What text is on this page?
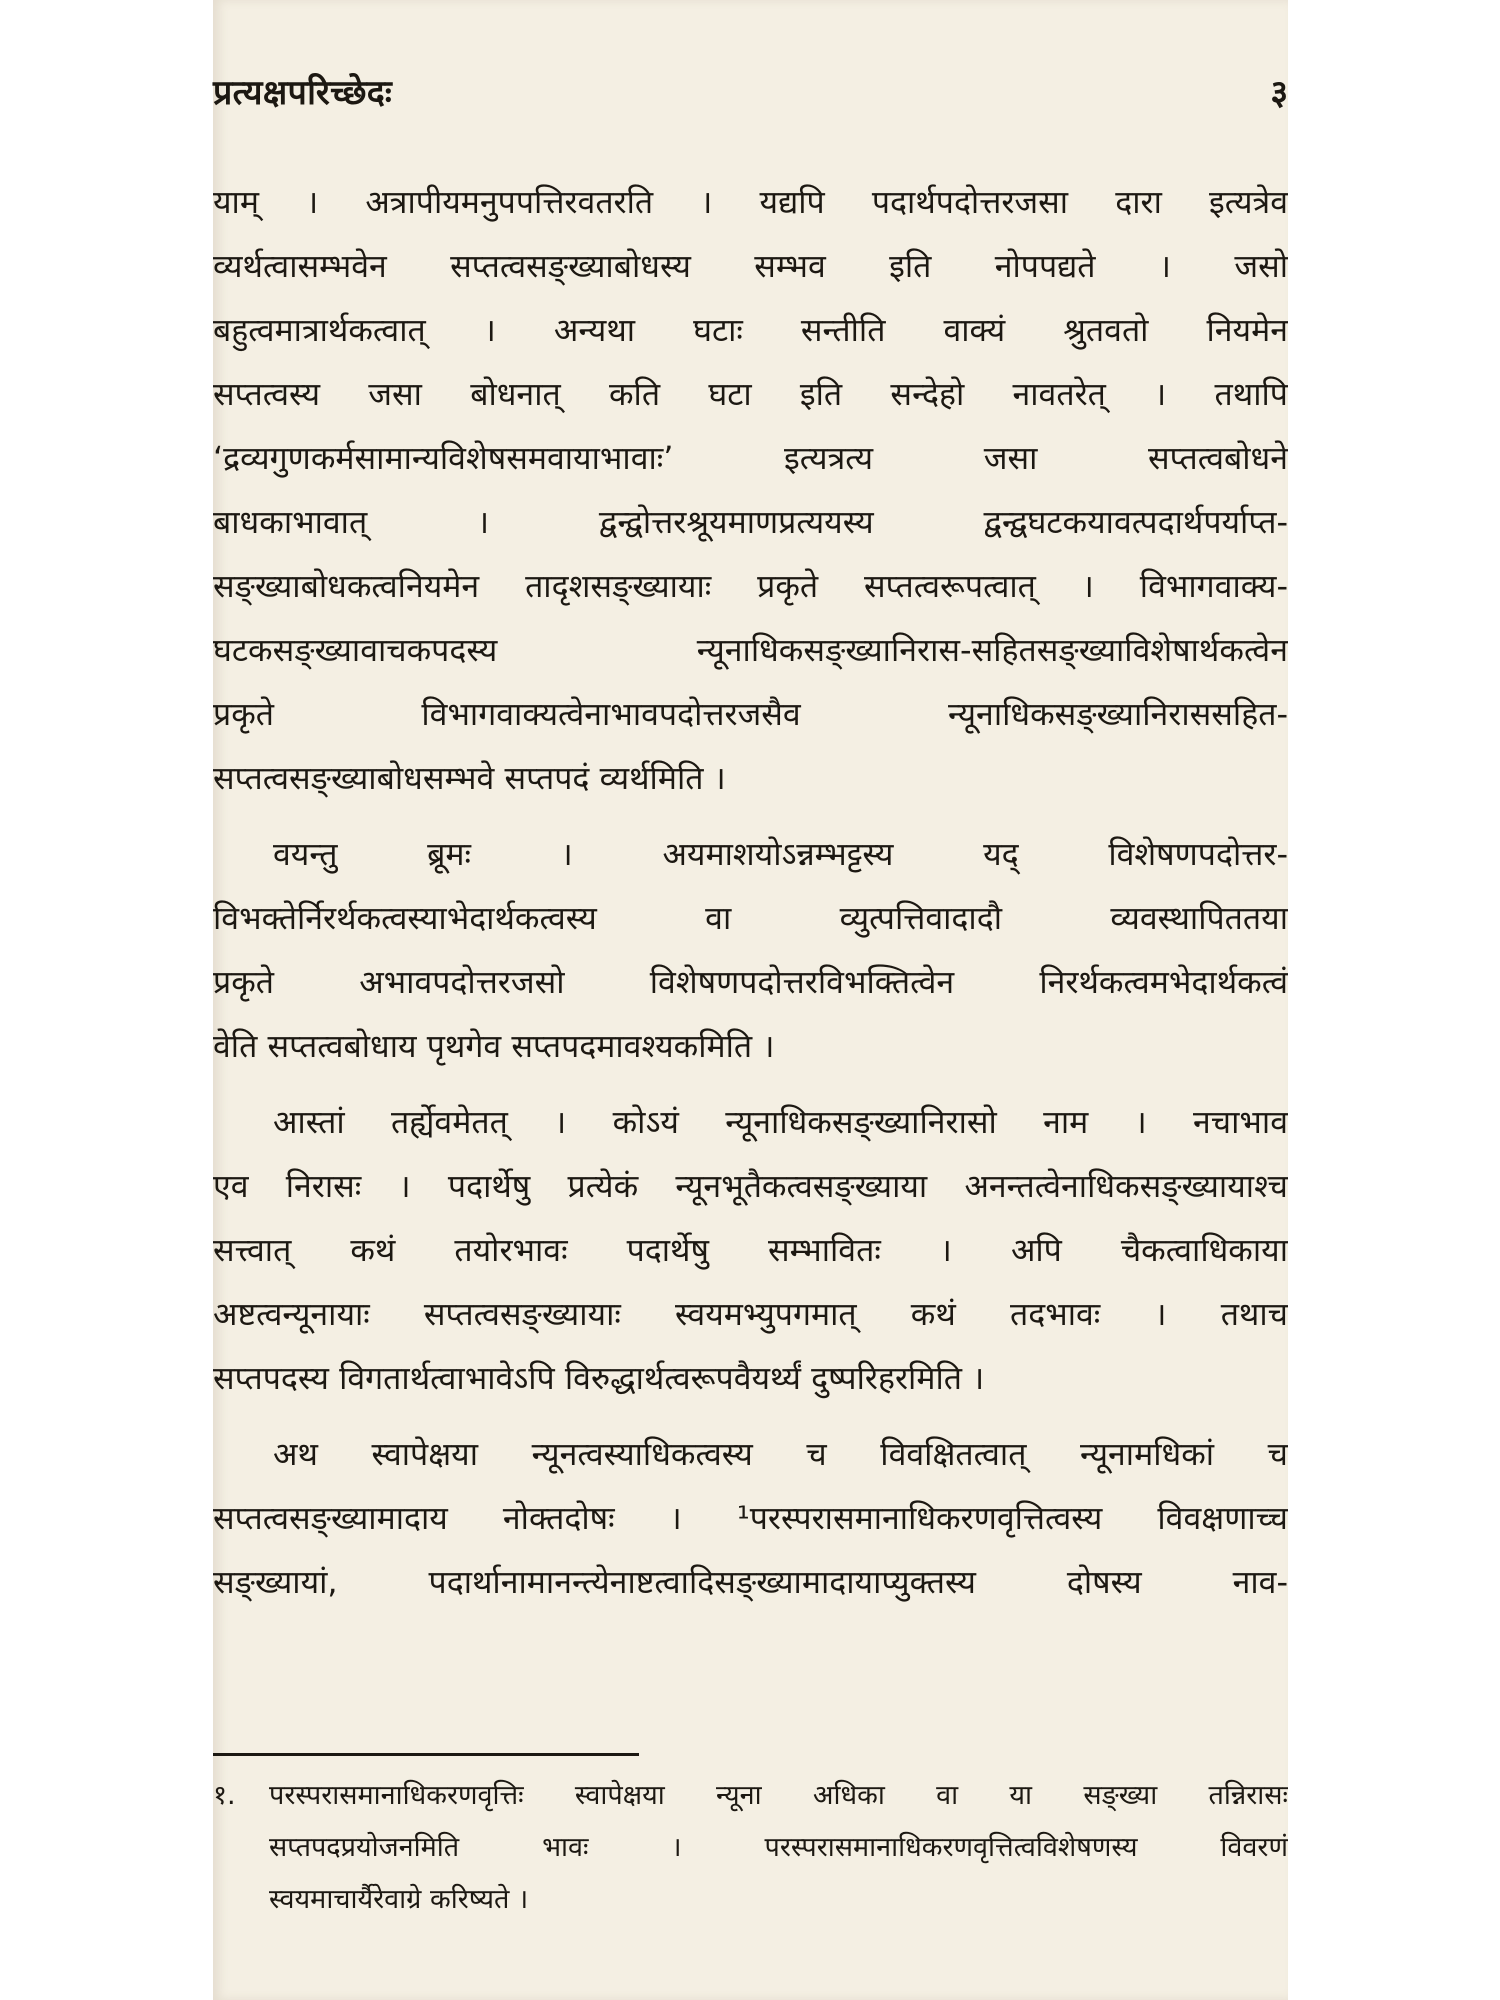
प्रत्यक्षपरिच्छेदः	३
याम् । अत्रापीयमनुपपत्तिरवतरति । यद्यपि पदार्थपदोत्तरजसा दारा इत्यत्रेव
व्यर्थत्वासम्भवेन सप्तत्वसङ्ख्याबोधस्य सम्भव इति नोपपद्यते । जसो
बहुत्वमात्रार्थकत्वात् । अन्यथा घटाः सन्तीति वाक्यं श्रुतवतो नियमेन
सप्तत्वस्य जसा बोधनात् कति घटा इति सन्देहो नावतरेत् । तथापि
‘द्रव्यगुणकर्मसामान्यविशेषसमवायाभावाः’ इत्यत्रत्य जसा सप्तत्वबोधने
बाधकाभावात् । द्वन्द्वोत्तरश्रूयमाणप्रत्ययस्य द्वन्द्वघटकयावत्पदार्थपर्याप्त-
सङ्ख्याबोधकत्वनियमेन तादृशसङ्ख्यायाः प्रकृते सप्तत्वरूपत्वात् । विभागवाक्य-
घटकसङ्ख्यावाचकपदस्य न्यूनाधिकसङ्ख्यानिरास-सहितसङ्ख्याविशेषार्थकत्वेन
प्रकृते विभागवाक्यत्वेनाभावपदोत्तरजसैव न्यूनाधिकसङ्ख्यानिराससहित-
सप्तत्वसङ्ख्याबोधसम्भवे सप्तपदं व्यर्थमिति ।
वयन्तु ब्रूमः । अयमाशयोऽन्नम्भट्टस्य यद् विशेषणपदोत्तर-
विभक्तेर्निरर्थकत्वस्याभेदार्थकत्वस्य वा व्युत्पत्तिवादादौ व्यवस्थापिततया
प्रकृते अभावपदोत्तरजसो विशेषणपदोत्तरविभक्तित्वेन निरर्थकत्वमभेदार्थकत्वं
वेति सप्तत्वबोधाय पृथगेव सप्तपदमावश्यकमिति ।
आस्तां तर्ह्येवमेतत् । कोऽयं न्यूनाधिकसङ्ख्यानिरासो नाम । नचाभाव
एव निरासः । पदार्थेषु प्रत्येकं न्यूनभूतैकत्वसङ्ख्याया अनन्तत्वेनाधिकसङ्ख्यायाश्च
सत्त्वात् कथं तयोरभावः पदार्थेषु सम्भावितः । अपि चैकत्वाधिकाया
अष्टत्वन्यूनायाः सप्तत्वसङ्ख्यायाः स्वयमभ्युपगमात् कथं तदभावः । तथाच
सप्तपदस्य विगतार्थत्वाभावेऽपि विरुद्धार्थत्वरूपवैयर्थ्यं दुष्परिहरमिति ।
अथ स्वापेक्षया न्यूनत्वस्याधिकत्वस्य च विवक्षितत्वात् न्यूनामधिकां च
सप्तत्वसङ्ख्यामादाय नोक्तदोषः । ¹परस्परासमानाधिकरणवृत्तित्वस्य विवक्षणाच्च
सङ्ख्यायां, पदार्थानामानन्त्येनाष्टत्वादिसङ्ख्यामादायाप्युक्तस्य दोषस्य नाव-
१. परस्परासमानाधिकरणवृत्तिः स्वापेक्षया न्यूना अधिका वा या सङ्ख्या तन्निरासः
सप्तपदप्रयोजनमिति भावः । परस्परासमानाधिकरणवृत्तित्वविशेषणस्य विवरणं
स्वयमाचार्यैरेवाग्रे करिष्यते ।
